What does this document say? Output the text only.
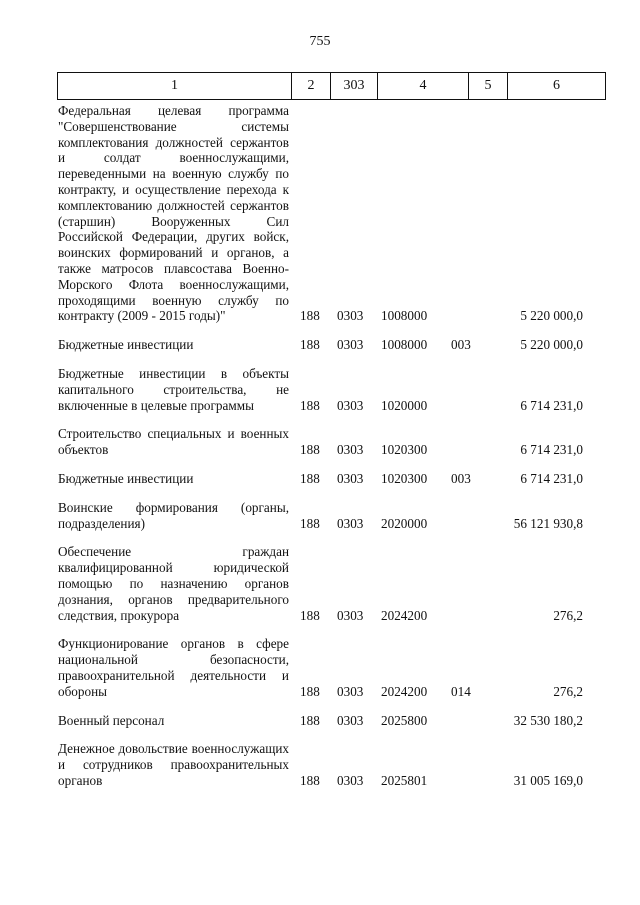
755
1	2	303	4	5	6
Федеральная целевая программа "Совершенствование системы комплектования должностей сержантов и солдат военнослужащими, переведенными на военную службу по контракту, и осуществление перехода к комплектованию должностей сержантов (старшин) Вооруженных Сил Российской Федерации, других войск, воинских формирований и органов, а также матросов плавсостава Военно-Морского Флота военнослужащими, проходящими военную службу по контракту (2009 - 2015 годы)"	188 0303 1008000	5 220 000,0
Бюджетные инвестиции	188 0303 1008000 003	5 220 000,0
Бюджетные инвестиции в объекты капитального строительства, не включенные в целевые программы	188 0303 1020000	6 714 231,0
Строительство специальных и военных объектов	188 0303 1020300	6 714 231,0
Бюджетные инвестиции	188 0303 1020300 003	6 714 231,0
Воинские формирования (органы, подразделения)	188 0303 2020000	56 121 930,8
Обеспечение граждан квалифицированной юридической помощью по назначению органов дознания, органов предварительного следствия, прокурора	188 0303 2024200	276,2
Функционирование органов в сфере национальной безопасности, правоохранительной деятельности и обороны	188 0303 2024200 014	276,2
Военный персонал	188 0303 2025800	32 530 180,2
Денежное довольствие военнослужащих и сотрудников правоохранительных органов	188 0303 2025801	31 005 169,0
